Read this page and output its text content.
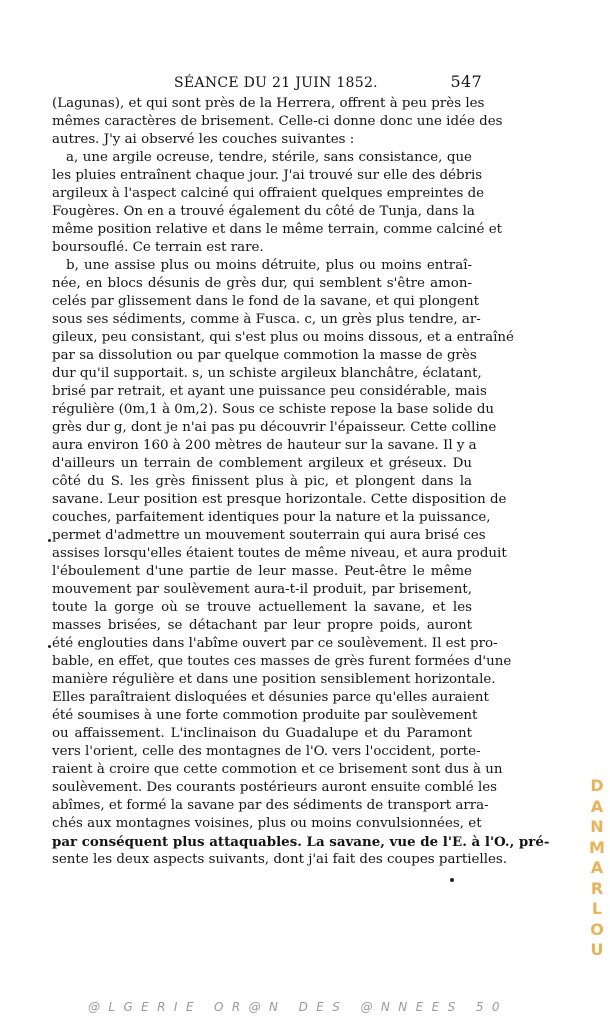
SÉANCE DU 21 JUIN 1852.	547
(Lagunas), et qui sont près de la Herrera, offrent à peu près les
mêmes caractères de brisement. Celle-ci donne donc une idée des
autres. J'y ai observé les couches suivantes :
a, une argile ocreuse, tendre, stérile, sans consistance, que
les pluies entraînent chaque jour. J'ai trouvé sur elle des débris
argileux à l'aspect calciné qui offraient quelques empreintes de
Fougères. On en a trouvé également du côté de Tunja, dans la
même position relative et dans le même terrain, comme calciné et
boursouflé. Ce terrain est rare.
b, une assise plus ou moins détruite, plus ou moins entraî-
née, en blocs désunis de grès dur, qui semblent s'être amon-
celés par glissement dans le fond de la savane, et qui plongent
sous ses sédiments, comme à Fusca. c, un grès plus tendre, ar-
gileux, peu consistant, qui s'est plus ou moins dissous, et a entraîné
par sa dissolution ou par quelque commotion la masse de grès
dur qu'il supportait. s, un schiste argileux blanchâtre, éclatant,
brisé par retrait, et ayant une puissance peu considérable, mais
régulière (0m,1 à 0m,2). Sous ce schiste repose la base solide du
grès dur g, dont je n'ai pas pu découvrir l'épaisseur. Cette colline
aura environ 160 à 200 mètres de hauteur sur la savane. Il y a
d'ailleurs un terrain de comblement argileux et gréseux. Du
côté du S. les grès finissent plus à pic, et plongent dans la
savane. Leur position est presque horizontale. Cette disposition de
couches, parfaitement identiques pour la nature et la puissance,
permet d'admettre un mouvement souterrain qui aura brisé ces
assises lorsqu'elles étaient toutes de même niveau, et aura produit
l'éboulement d'une partie de leur masse. Peut-être le même
mouvement par soulèvement aura-t-il produit, par brisement,
toute la gorge où se trouve actuellement la savane, et les
masses brisées, se détachant par leur propre poids, auront
été englouties dans l'abîme ouvert par ce soulèvement. Il est pro-
bable, en effet, que toutes ces masses de grès furent formées d'une
manière régulière et dans une position sensiblement horizontale.
Elles paraîtraient disloquées et désunies parce qu'elles auraient
été soumises à une forte commotion produite par soulèvement
ou affaissement. L'inclinaison du Guadalupe et du Paramont
vers l'orient, celle des montagnes de l'O. vers l'occident, porte-
raient à croire que cette commotion et ce brisement sont dus à un
soulèvement. Des courants postérieurs auront ensuite comblé les
abîmes, et formé la savane par des sédiments de transport arra-
chés aux montagnes voisines, plus ou moins convulsionnées, et
par conséquent plus attaquables. La savane, vue de l'E. à l'O., pré-
sente les deux aspects suivants, dont j'ai fait des coupes partielles.
D
A
N
M
A
R
L
O
U
@LGERIE OR@N DES @NNEES 50
